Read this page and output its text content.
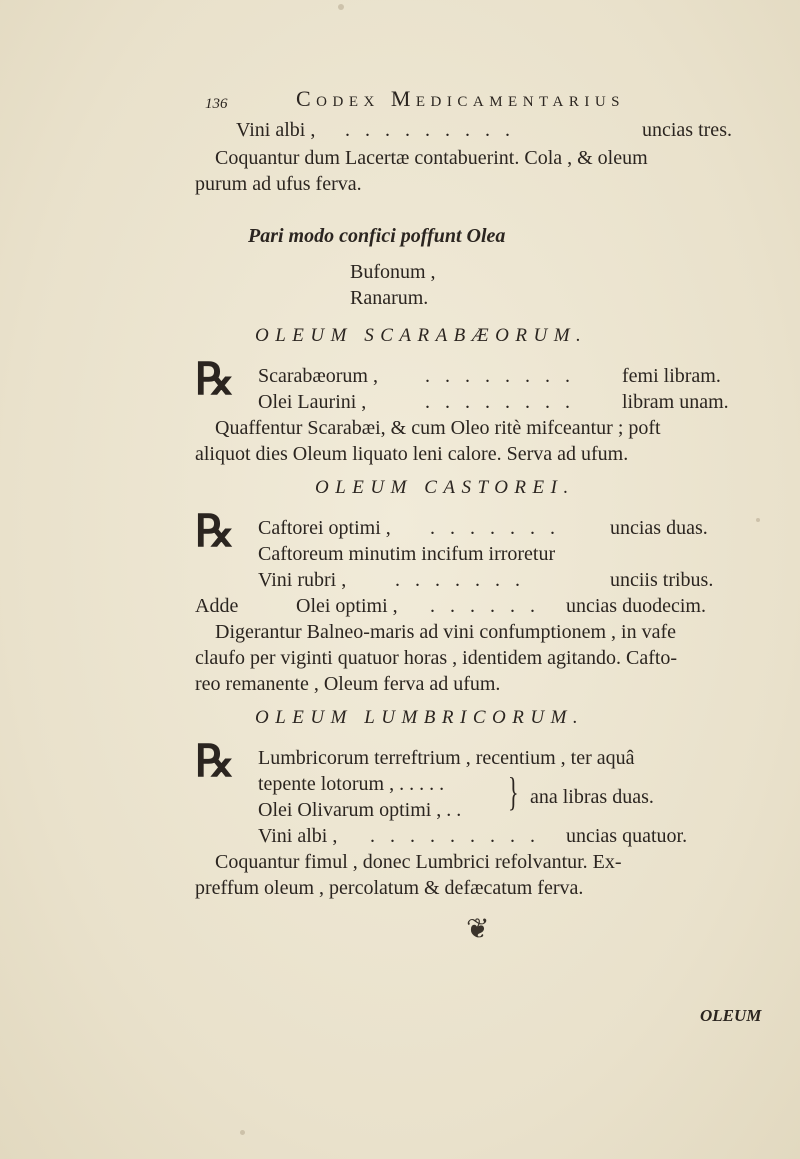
136	Codex Medicamentarius
Vini albi , . . . . . . . . .	uncias tres.
Coquantur dum Lacertæ contabuerint. Cola , & oleum
purum ad ufus ferva.
Pari modo confici poffunt Olea
Bufonum ,
Ranarum.
OLEUM SCARABÆORUM.
℞ Scarabæorum , . . . . . . . . femi libram.
Olei Laurini ,	. . . . . . . . libram unam.
Quaffentur Scarabæi, & cum Oleo ritè mifceantur ; poft
aliquot dies Oleum liquato leni calore. Serva ad ufum.
OLEUM CASTOREI.
℞ Caftorei optimi , . . . . . . .	uncias duas.
Caftoreum minutim incifum irroretur
Vini rubri , . . . . . . .	unciis tribus.
Adde	Olei optimi , . . . . . . uncias duodecim.
Digerantur Balneo-maris ad vini confumptionem , in vafe
claufo per viginti quatuor horas , identidem agitando. Cafto-
reo remanente , Oleum ferva ad ufum.
OLEUM LUMBRICORUM.
℞ Lumbricorum terreftrium , recentium , ter aquâ
tepente lotorum , . . . . .
Olei Olivarum optimi , . . } ana libras duas.
Vini albi , . . . . . . . . . uncias quatuor.
Coquantur fimul , donec Lumbrici refolvantur. Ex-
preffum oleum , percolatum & defæcatum ferva.
❦
OLEUM
